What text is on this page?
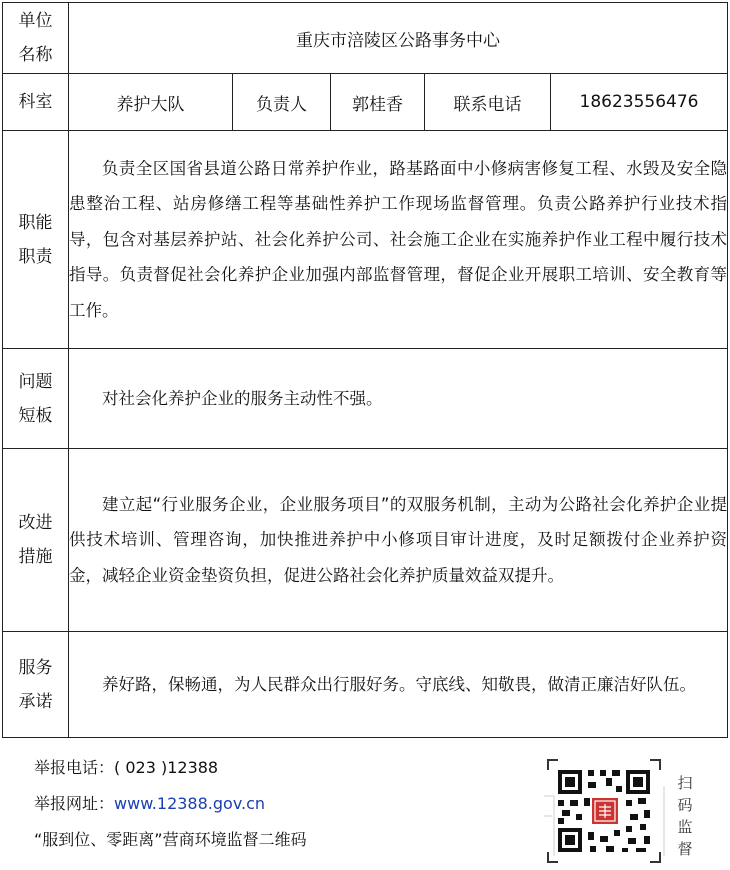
单位名称	重庆市涪陵区公路事务中心				
科室	养护大队	负责人	郭桂香	联系电话	18623556476

职能职责	负责全区国省县道公路日常养护作业，路基路面中小修病害修复工程、水毁及安全隐患整治工程、站房修缮工程等基础性养护工作现场监督管理。负责公路养护行业技术指导，包含对基层养护站、社会化养护公司、社会施工企业在实施养护作业工程中履行技术指导。负责督促社会化养护企业加强内部监督管理，督促企业开展职工培训、安全教育等工作。				

问题短板	对社会化养护企业的服务主动性不强。				

改进措施	建立起“行业服务企业，企业服务项目”的双服务机制，主动为公路社会化养护企业提供技术培训、管理咨询，加快推进养护中小修项目审计进度，及时足额拨付企业养护资金，减轻企业资金垫资负担，促进公路社会化养护质量效益双提升。				

服务承诺	养好路，保畅通，为人民群众出行服好务。守底线、知敬畏，做清正廉洁好队伍。				
举报电话：( 023 )12388
举报网址：www.12388.gov.cn
“服到位、零距离”营商环境监督二维码
扫码监督
